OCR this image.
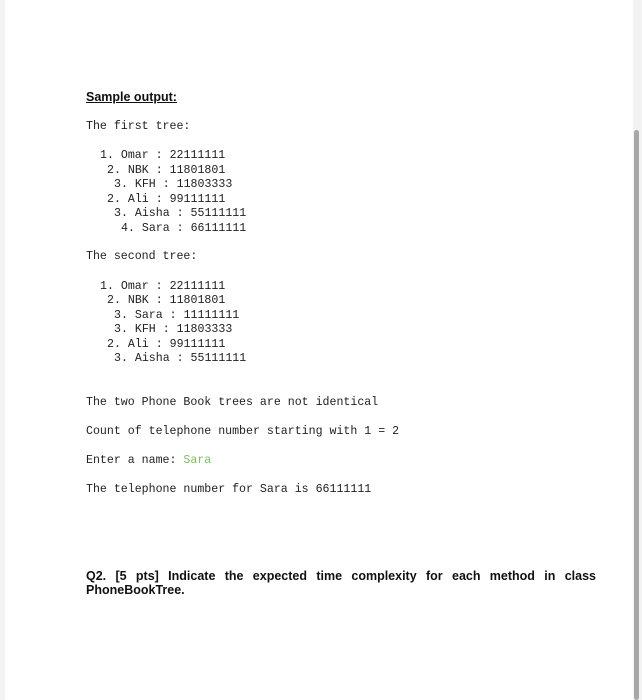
Sample output:
The first tree:
1. Omar : 22111111
2. NBK : 11801801
3. KFH : 11803333
2. Ali : 99111111
3. Aisha : 55111111
4. Sara : 66111111
The second tree:
1. Omar : 22111111
2. NBK : 11801801
3. Sara : 11111111
3. KFH : 11803333
2. Ali : 99111111
3. Aisha : 55111111
The two Phone Book trees are not identical
Count of telephone number starting with 1 = 2
Enter a name: Sara
The telephone number for Sara is 66111111
Q2. [5 pts] Indicate the expected time complexity for each method in class PhoneBookTree.
